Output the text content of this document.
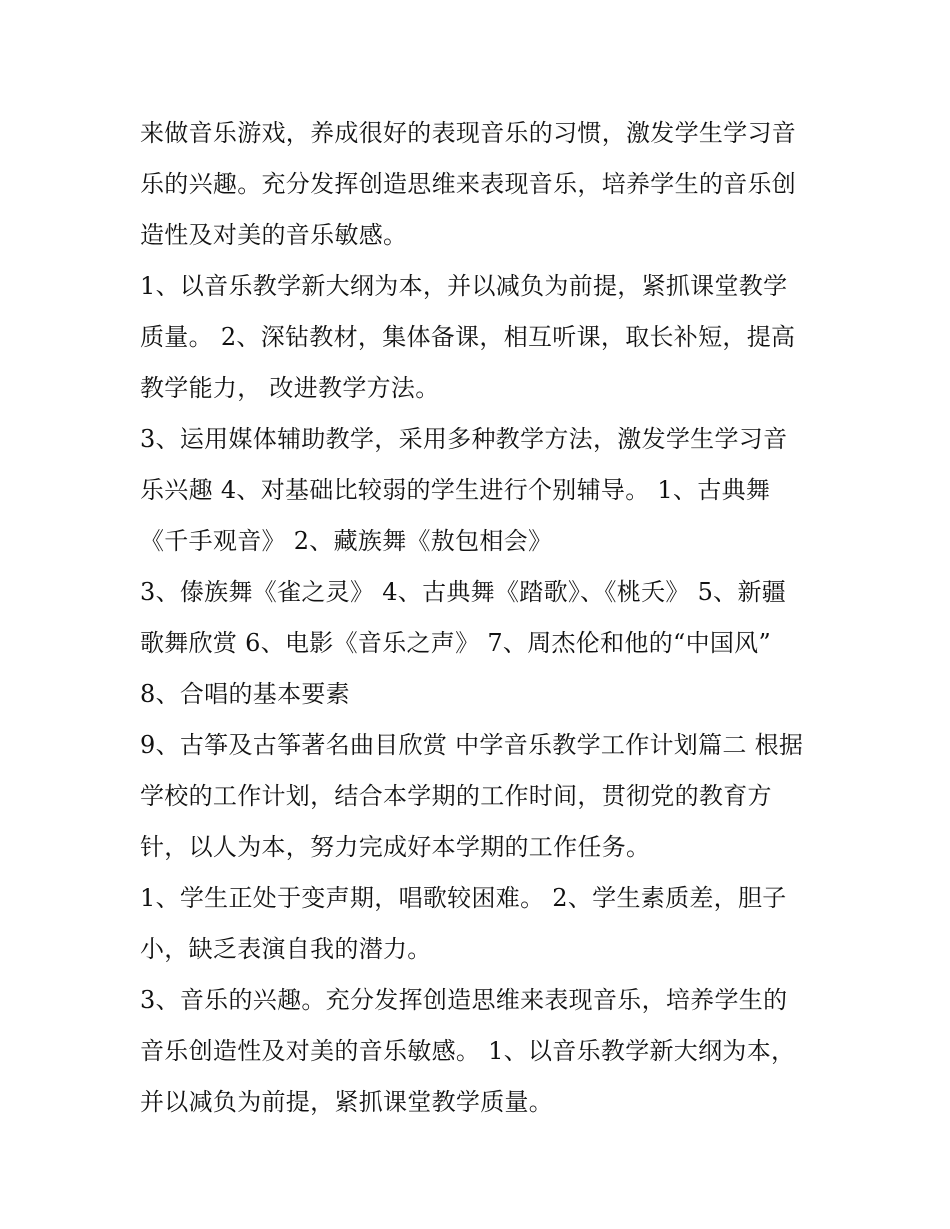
来做音乐游戏，养成很好的表现音乐的习惯，激发学生学习音
乐的兴趣。充分发挥创造思维来表现音乐，培养学生的音乐创
造性及对美的音乐敏感。
1、以音乐教学新大纲为本，并以减负为前提，紧抓课堂教学
质量。 2、深钻教材，集体备课，相互听课，取长补短，提高
教学能力， 改进教学方法。
3、运用媒体辅助教学，采用多种教学方法，激发学生学习音
乐兴趣 4、对基础比较弱的学生进行个别辅导。 1、古典舞
《千手观音》 2、藏族舞《敖包相会》
3、傣族舞《雀之灵》 4、古典舞《踏歌》、《桃夭》 5、新疆
歌舞欣赏 6、电影《音乐之声》 7、周杰伦和他的“中国风”
8、合唱的基本要素
9、古筝及古筝著名曲目欣赏 中学音乐教学工作计划篇二 根据
学校的工作计划，结合本学期的工作时间，贯彻党的教育方
针，以人为本，努力完成好本学期的工作任务。
1、学生正处于变声期，唱歌较困难。 2、学生素质差，胆子
小，缺乏表演自我的潜力。
3、音乐的兴趣。充分发挥创造思维来表现音乐，培养学生的
音乐创造性及对美的音乐敏感。 1、以音乐教学新大纲为本，
并以减负为前提，紧抓课堂教学质量。
